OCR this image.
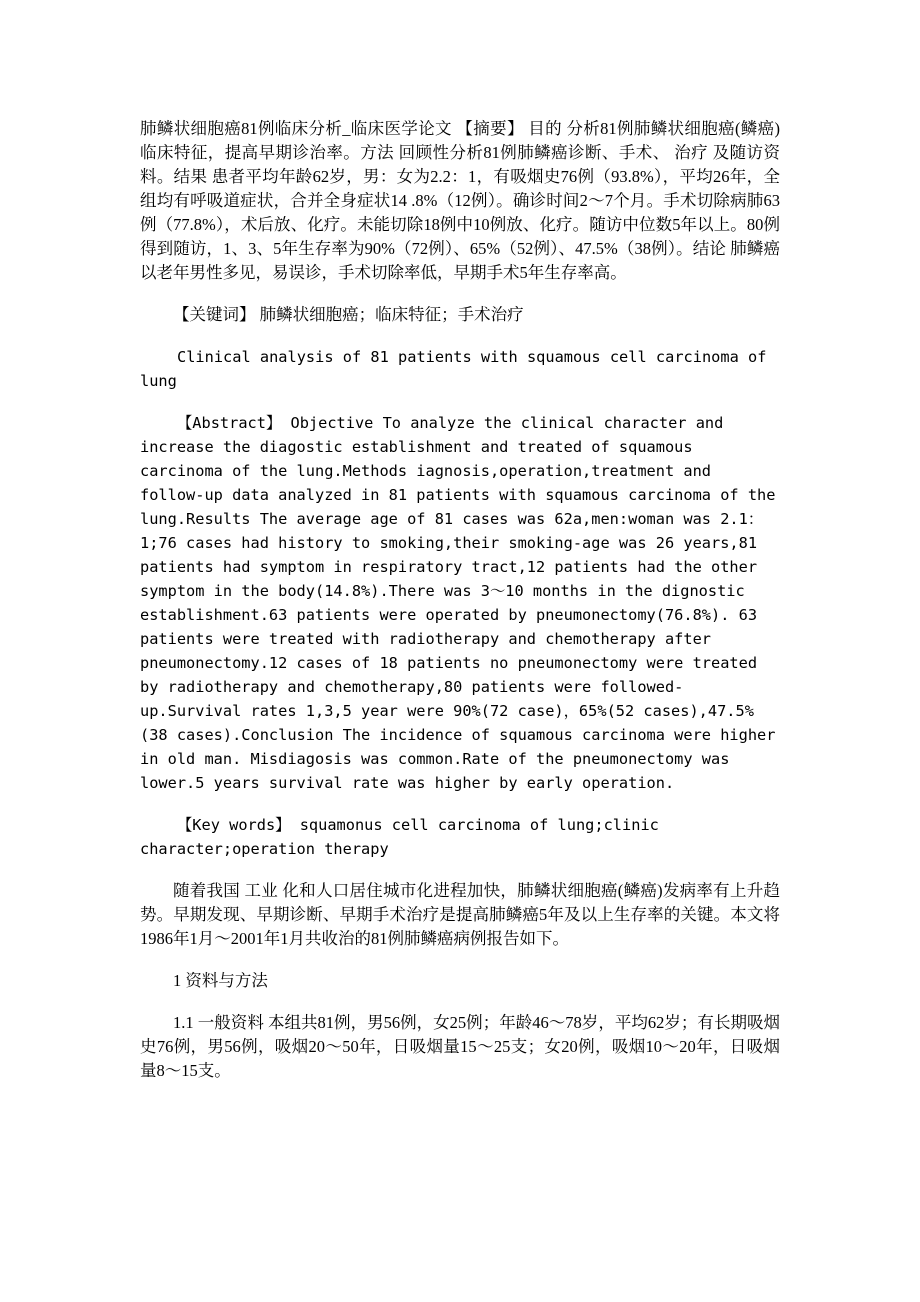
肺鳞状细胞癌81例临床分析_临床医学论文 【摘要】 目的 分析81例肺鳞状细胞癌(鳞癌)临床特征，提高早期诊治率。方法 回顾性分析81例肺鳞癌诊断、手术、 治疗 及随访资料。结果 患者平均年龄62岁，男：女为2.2：1，有吸烟史76例（93.8%），平均26年，全组均有呼吸道症状，合并全身症状14 .8%（12例）。确诊时间2～7个月。手术切除病肺63例（77.8%），术后放、化疗。未能切除18例中10例放、化疗。随访中位数5年以上。80例得到随访，1、3、5年生存率为90%（72例）、65%（52例）、47.5%（38例）。结论 肺鳞癌以老年男性多见，易误诊，手术切除率低，早期手术5年生存率高。

【关键词】 肺鳞状细胞癌；临床特征；手术治疗

Clinical analysis of 81 patients with squamous cell carcinoma of lung

【Abstract】 Objective To analyze the clinical character and increase the diagostic establishment and treated of squamous carcinoma of the lung.Methods iagnosis,operation,treatment and follow-up data analyzed in 81 patients with squamous carcinoma of the lung.Results The average age of 81 cases was 62a,men:woman was 2.1：1;76 cases had history to smoking,their smoking-age was 26 years,81 patients had symptom in respiratory tract,12 patients had the other symptom in the body(14.8%).There was 3～10 months in the dignostic establishment.63 patients were operated by pneumonectomy(76.8%). 63 patients were treated with radiotherapy and chemotherapy after pneumonectomy.12 cases of 18 patients no pneumonectomy were treated by radiotherapy and chemotherapy,80 patients were followed-up.Survival rates 1,3,5 year were 90%(72 case)，65%(52 cases),47.5%(38 cases).Conclusion The incidence of squamous carcinoma were higher in old man. Misdiagosis was common.Rate of the pneumonectomy was lower.5 years survival rate was higher by early operation.

【Key words】 squamonus cell carcinoma of lung;clinic character;operation therapy

随着我国 工业 化和人口居住城市化进程加快，肺鳞状细胞癌(鳞癌)发病率有上升趋势。早期发现、早期诊断、早期手术治疗是提高肺鳞癌5年及以上生存率的关键。本文将1986年1月～2001年1月共收治的81例肺鳞癌病例报告如下。

1 资料与方法

1.1 一般资料 本组共81例，男56例，女25例；年龄46～78岁，平均62岁；有长期吸烟史76例，男56例，吸烟20～50年，日吸烟量15～25支；女20例，吸烟10～20年，日吸烟量8～15支。
